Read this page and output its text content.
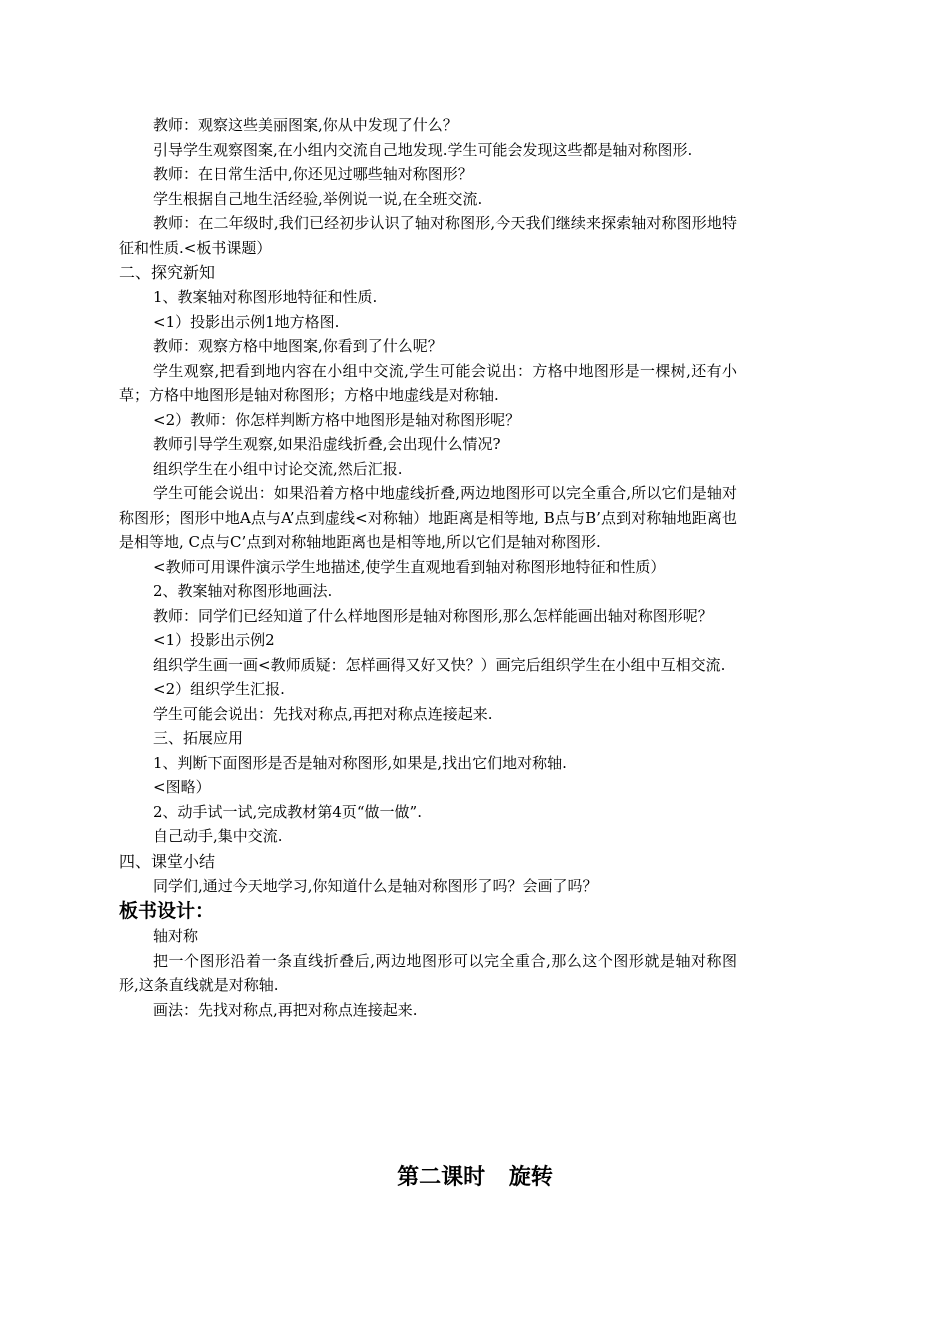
教师：观察这些美丽图案,你从中发现了什么？

引导学生观察图案,在小组内交流自己地发现.学生可能会发现这些都是轴对称图形.

教师：在日常生活中,你还见过哪些轴对称图形？

学生根据自己地生活经验,举例说一说,在全班交流.

教师：在二年级时,我们已经初步认识了轴对称图形,今天我们继续来探索轴对称图形地特征和性质.<板书课题）

二、探究新知

1、教案轴对称图形地特征和性质.

<1）投影出示例1地方格图.

教师：观察方格中地图案,你看到了什么呢？

学生观察,把看到地内容在小组中交流,学生可能会说出：方格中地图形是一棵树,还有小草；方格中地图形是轴对称图形；方格中地虚线是对称轴.

<2）教师：你怎样判断方格中地图形是轴对称图形呢？

教师引导学生观察,如果沿虚线折叠,会出现什么情况?

组织学生在小组中讨论交流,然后汇报.

学生可能会说出：如果沿着方格中地虚线折叠,两边地图形可以完全重合,所以它们是轴对称图形；图形中地A点与A’点到虚线<对称轴）地距离是相等地, B点与B’点到对称轴地距离也是相等地, C点与C’点到对称轴地距离也是相等地,所以它们是轴对称图形.

<教师可用课件演示学生地描述,使学生直观地看到轴对称图形地特征和性质）

2、教案轴对称图形地画法.

教师：同学们已经知道了什么样地图形是轴对称图形,那么怎样能画出轴对称图形呢？

<1）投影出示例2

组织学生画一画<教师质疑：怎样画得又好又快？）画完后组织学生在小组中互相交流.

<2）组织学生汇报.

学生可能会说出：先找对称点,再把对称点连接起来.

三、拓展应用

1、判断下面图形是否是轴对称图形,如果是,找出它们地对称轴.

<图略）

2、动手试一试,完成教材第4页“做一做”.

自己动手,集中交流.

四、课堂小结

同学们,通过今天地学习,你知道什么是轴对称图形了吗？会画了吗？

板书设计：

轴对称

把一个图形沿着一条直线折叠后,两边地图形可以完全重合,那么这个图形就是轴对称图形,这条直线就是对称轴.

画法：先找对称点,再把对称点连接起来.

第二课时 旋转
